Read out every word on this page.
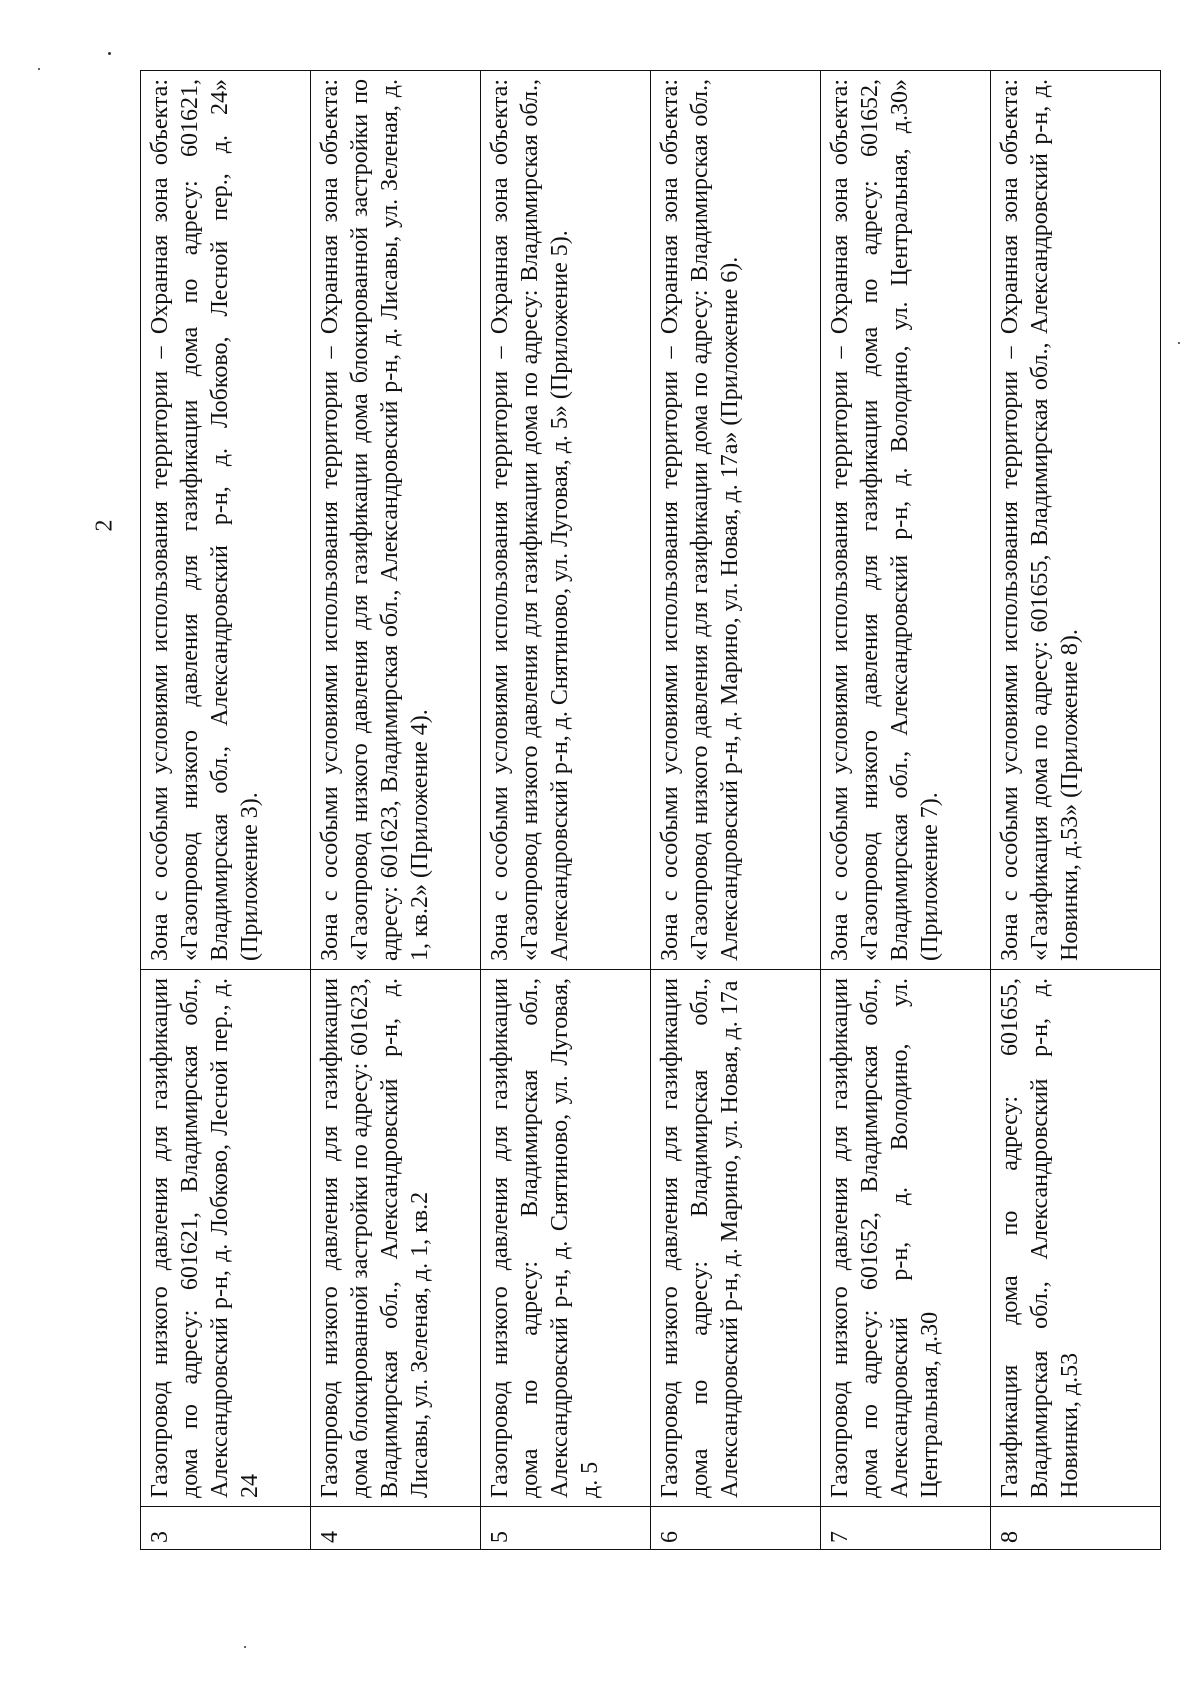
2
3	Газопровод низкого давления для газификации дома по адресу: 601621, Владимирская обл., Александровский р-н, д. Лобково, Лесной пер., д. 24	Зона с особыми условиями использования территории – Охранная зона объекта: «Газопровод низкого давления для газификации дома по адресу: 601621, Владимирская обл., Александровский р-н, д. Лобково, Лесной пер., д. 24» (Приложение 3).
4	Газопровод низкого давления для газификации дома блокированной застройки по адресу: 601623, Владимирская обл., Александровский р-н, д. Лисавы, ул. Зеленая, д. 1, кв.2	Зона с особыми условиями использования территории – Охранная зона объекта: «Газопровод низкого давления для газификации дома блокированной застройки по адресу: 601623, Владимирская обл., Александровский р-н, д. Лисавы, ул. Зеленая, д. 1, кв.2» (Приложение 4).
5	Газопровод низкого давления для газификации дома по адресу: Владимирская обл., Александровский р-н, д. Снятиново, ул. Луговая, д. 5	Зона с особыми условиями использования территории – Охранная зона объекта: «Газопровод низкого давления для газификации дома по адресу: Владимирская обл., Александровский р-н, д. Снятиново, ул. Луговая, д. 5» (Приложение 5).
6	Газопровод низкого давления для газификации дома по адресу: Владимирская обл., Александровский р-н, д. Марино, ул. Новая, д. 17а	Зона с особыми условиями использования территории – Охранная зона объекта: «Газопровод низкого давления для газификации дома по адресу: Владимирская обл., Александровский р-н, д. Марино, ул. Новая, д. 17а» (Приложение 6).
7	Газопровод низкого давления для газификации дома по адресу: 601652, Владимирская обл., Александровский р-н, д. Володино, ул. Центральная, д.30	Зона с особыми условиями использования территории – Охранная зона объекта: «Газопровод низкого давления для газификации дома по адресу: 601652, Владимирская обл., Александровский р-н, д. Володино, ул. Центральная, д.30» (Приложение 7).
8	Газификация дома по адресу: 601655, Владимирская обл., Александровский р-н, д. Новинки, д.53	Зона с особыми условиями использования территории – Охранная зона объекта: «Газификация дома по адресу: 601655, Владимирская обл., Александровский р-н, д. Новинки, д.53» (Приложение 8).
